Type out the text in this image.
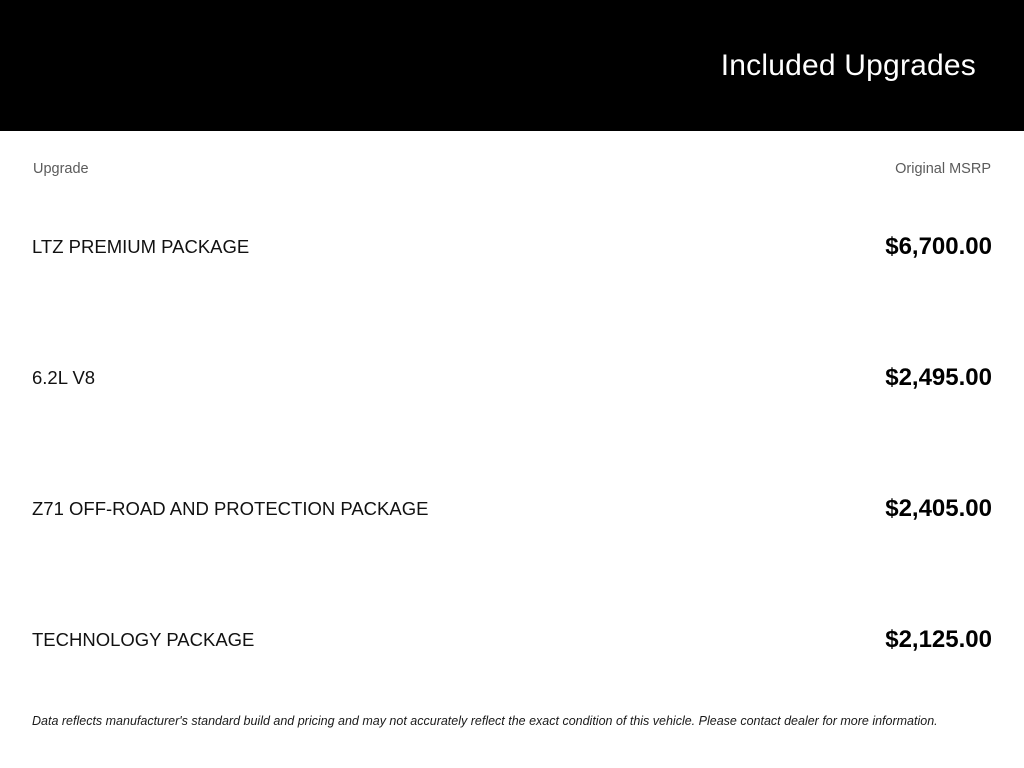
Included Upgrades
Upgrade	Original MSRP
LTZ PREMIUM PACKAGE	$6,700.00
6.2L V8	$2,495.00
Z71 OFF-ROAD AND PROTECTION PACKAGE	$2,405.00
TECHNOLOGY PACKAGE	$2,125.00
Data reflects manufacturer's standard build and pricing and may not accurately reflect the exact condition of this vehicle. Please contact dealer for more information.
